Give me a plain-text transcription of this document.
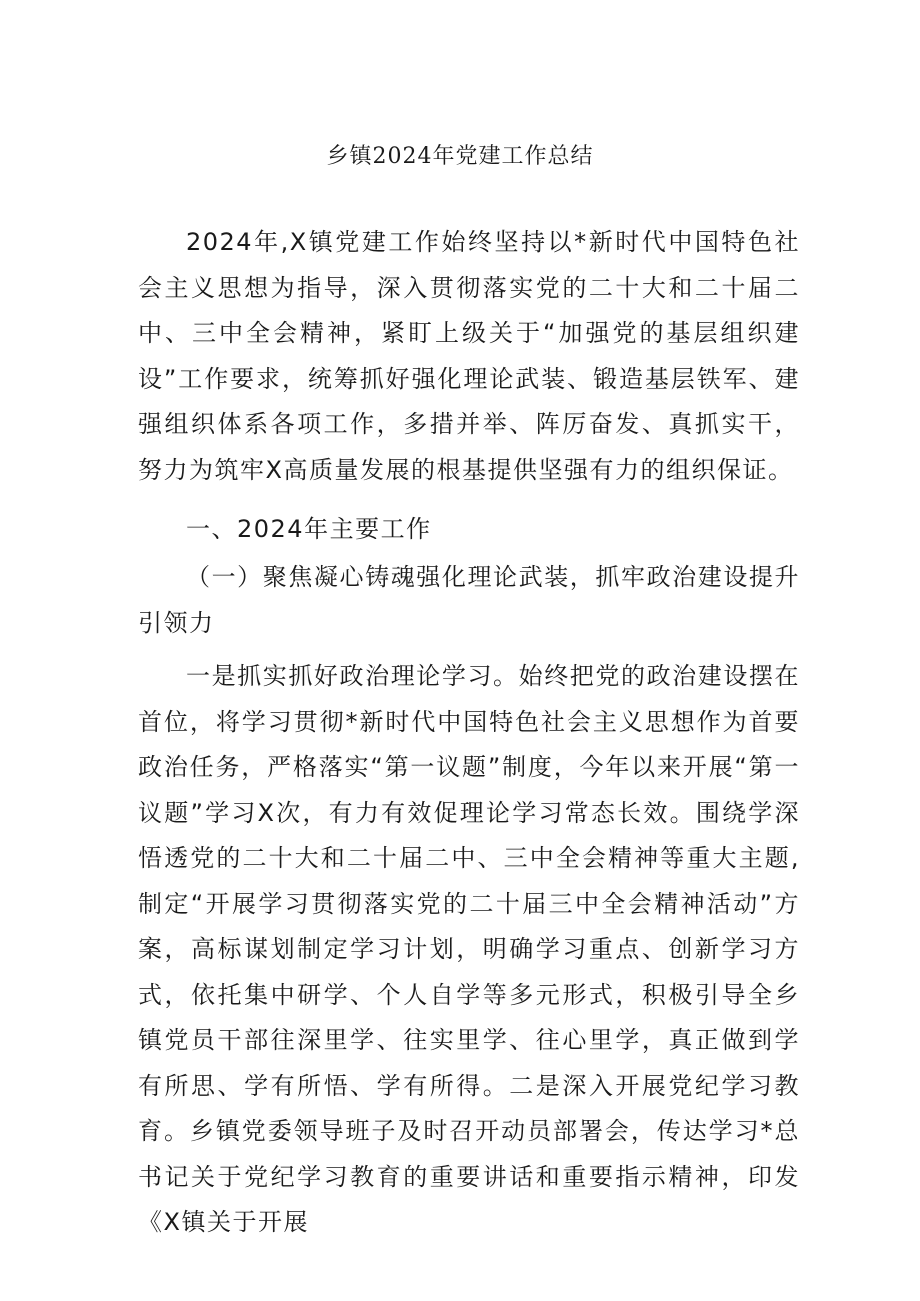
乡镇2024年党建工作总结

2024年,X镇党建工作始终坚持以*新时代中国特色社会主义思想为指导，深入贯彻落实党的二十大和二十届二中、三中全会精神，紧盯上级关于“加强党的基层组织建设”工作要求，统筹抓好强化理论武装、锻造基层铁军、建强组织体系各项工作，多措并举、阵厉奋发、真抓实干，努力为筑牢X高质量发展的根基提供坚强有力的组织保证。

一、2024年主要工作

（一）聚焦凝心铸魂强化理论武装，抓牢政治建设提升引领力

一是抓实抓好政治理论学习。始终把党的政治建设摆在首位，将学习贯彻*新时代中国特色社会主义思想作为首要政治任务，严格落实“第一议题”制度，今年以来开展“第一议题”学习X次，有力有效促理论学习常态长效。围绕学深悟透党的二十大和二十届二中、三中全会精神等重大主题,制定“开展学习贯彻落实党的二十届三中全会精神活动”方案，高标谋划制定学习计划，明确学习重点、创新学习方式，依托集中研学、个人自学等多元形式，积极引导全乡镇党员干部往深里学、往实里学、往心里学，真正做到学有所思、学有所悟、学有所得。二是深入开展党纪学习教育。乡镇党委领导班子及时召开动员部署会，传达学习*总书记关于党纪学习教育的重要讲话和重要指示精神，印发《X镇关于开展
